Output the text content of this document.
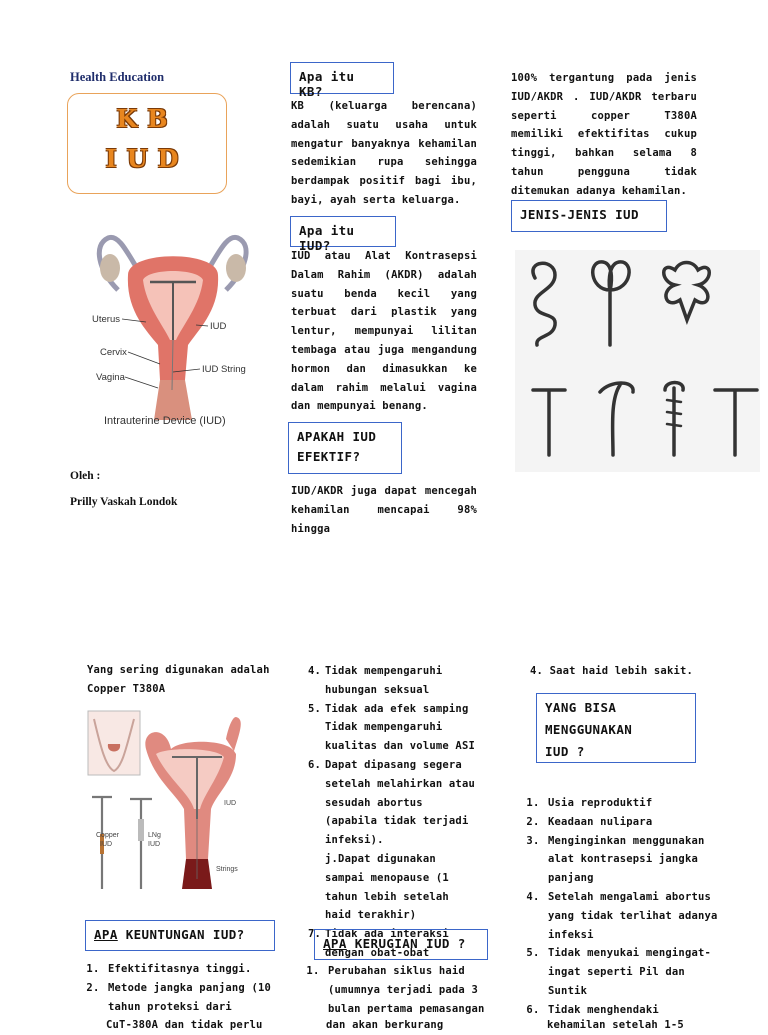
Health Education
KB
IUD
Uterus
IUD
Cervix
Vagina
IUD String
Intrauterine Device (IUD)
Oleh :
Prilly Vaskah Londok
Apa itu KB?
KB (keluarga berencana) adalah suatu usaha untuk mengatur banyaknya kehamilan sedemikian rupa sehingga berdampak positif bagi ibu, bayi, ayah serta keluarga.
Apa itu IUD?
IUD atau Alat Kontrasepsi Dalam Rahim (AKDR) adalah suatu benda kecil yang terbuat dari plastik yang lentur, mempunyai lilitan tembaga atau juga mengandung hormon dan dimasukkan ke dalam rahim melalui vagina dan mempunyai benang.
APAKAH IUD
EFEKTIF?
IUD/AKDR juga dapat mencegah kehamilan mencapai 98% hingga
100% tergantung pada jenis IUD/AKDR . IUD/AKDR terbaru seperti copper T380A memiliki efektifitas cukup tinggi, bahkan selama 8 tahun pengguna tidak ditemukan adanya kehamilan.
JENIS-JENIS IUD
Yang sering digunakan adalah
Copper T380A
Copper
IUD
LNg
IUD
IUD
Strings
APA KEUNTUNGAN IUD?
1. Efektifitasnya tinggi.
2. Metode jangka panjang (10 tahun proteksi dari
CuT-380A dan tidak perlu
4. Tidak mempengaruhi hubungan seksual
5. Tidak ada efek samping Tidak mempengaruhi kualitas dan volume ASI
6. Dapat dipasang segera setelah melahirkan atau sesudah abortus (apabila tidak terjadi infeksi).
j.Dapat digunakan sampai menopause (1 tahun lebih setelah haid terakhir)
7. Tidak ada interaksi dengan obat-obat
APA KERUGIAN IUD ?
1. Perubahan siklus haid (umumnya terjadi pada 3 bulan pertama pemasangan
dan akan berkurang
4. Saat haid lebih sakit.
YANG BISA
MENGGUNAKAN
IUD ?
1. Usia reproduktif
2. Keadaan nulipara
3. Menginginkan menggunakan alat kontrasepsi jangka panjang
4. Setelah mengalami abortus yang tidak terlihat adanya infeksi
5. Tidak menyukai mengingat-ingat seperti Pil dan Suntik
6. Tidak menghendaki
kehamilan setelah 1-5
